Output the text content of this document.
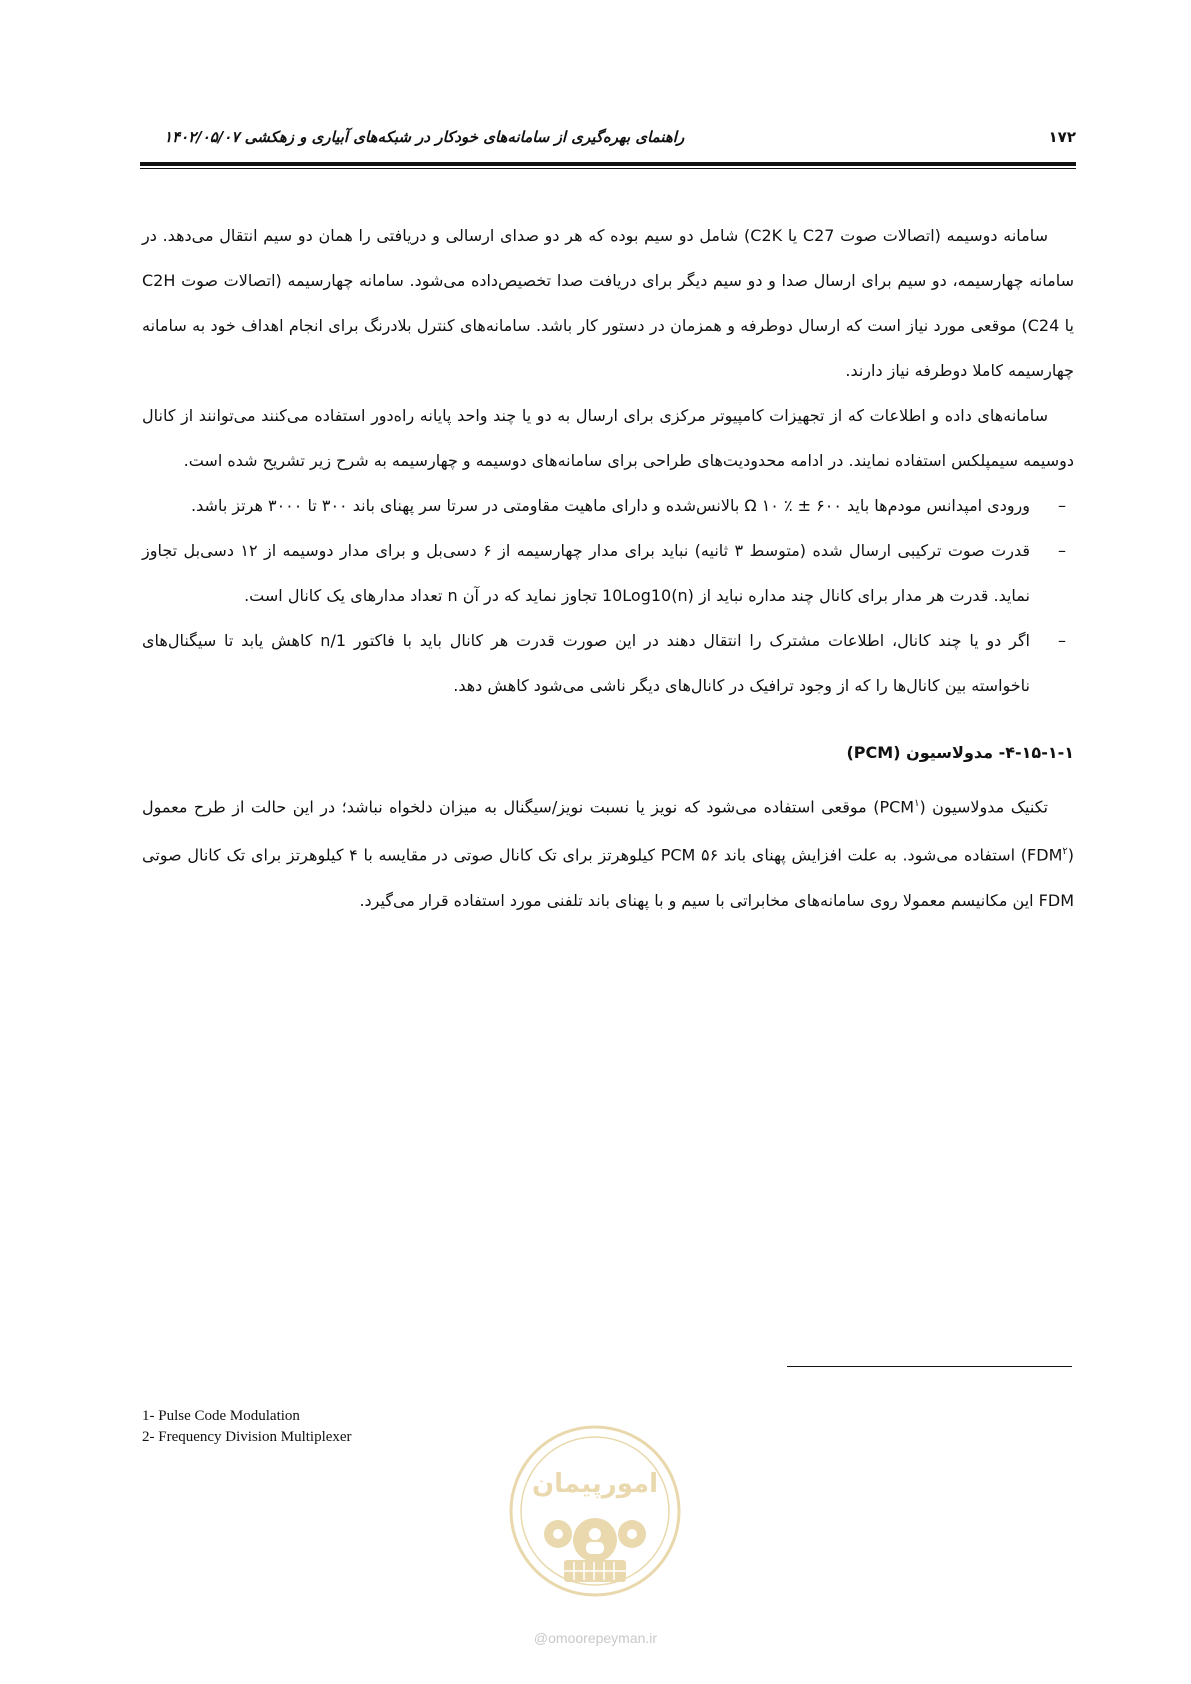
۱۷۲
راهنمای بهره‌گیری از سامانه‌های خودکار در شبکه‌های آبیاری و زهکشی ۱۴۰۲/۰۵/۰۷

سامانه دوسیمه (اتصالات صوت C27 یا C2K) شامل دو سیم بوده که هر دو صدای ارسالی و دریافتی را همان دو سیم انتقال می‌دهد. در سامانه چهارسیمه، دو سیم برای ارسال صدا و دو سیم دیگر برای دریافت صدا تخصیص‌داده می‌شود. سامانه چهارسیمه (اتصالات صوت C2H یا C24) موقعی مورد نیاز است که ارسال دوطرفه و همزمان در دستور کار باشد. سامانه‌های کنترل بلادرنگ برای انجام اهداف خود به سامانه چهارسیمه کاملا دوطرفه نیاز دارند.

سامانه‌های داده و اطلاعات که از تجهیزات کامپیوتر مرکزی برای ارسال به دو یا چند واحد پایانه راه‌دور استفاده می‌کنند می‌توانند از کانال دوسیمه سیمپلکس استفاده نمایند. در ادامه محدودیت‌های طراحی برای سامانه‌های دوسیمه و چهارسیمه به شرح زیر تشریح شده است.

–
ورودی امپدانس مودم‌ها باید Ω ۱۰ ٪ ± ۶۰۰ بالانس‌شده و دارای ماهیت مقاومتی در سرتا سر پهنای باند ۳۰۰ تا ۳۰۰۰ هرتز باشد.
–
قدرت صوت ترکیبی ارسال شده (متوسط ۳ ثانیه) نباید برای مدار چهارسیمه از ۶ دسی‌بل و برای مدار دوسیمه از ۱۲ دسی‌بل تجاوز نماید. قدرت هر مدار برای کانال چند مداره نباید از 10Log10(n) تجاوز نماید که در آن n تعداد مدارهای یک کانال است.
–
اگر دو یا چند کانال، اطلاعات مشترک را انتقال دهند در این صورت قدرت هر کانال باید با فاکتور 1/n کاهش یابد تا سیگنال‌های ناخواسته بین کانال‌ها را که از وجود ترافیک در کانال‌های دیگر ناشی می‌شود کاهش دهد.
۴-۱۵-۱-۱- مدولاسیون (PCM)

تکنیک مدولاسیون (PCM$^۱$) موقعی استفاده می‌شود که نویز یا نسبت نویز/سیگنال به میزان دلخواه نباشد؛ در این حالت از طرح معمول (FDM$^۲$) استفاده می‌شود. به علت افزایش پهنای باند ۵۶ PCM کیلوهرتز برای تک کانال صوتی در مقایسه با ۴ کیلوهرتز برای تک کانال صوتی FDM این مکانیسم معمولا روی سامانه‌های مخابراتی با سیم و با پهنای باند تلفنی مورد استفاده قرار می‌گیرد.

1- Pulse Code Modulation
2- Frequency Division Multiplexer
امورپیمان
@omoorepeyman.ir
